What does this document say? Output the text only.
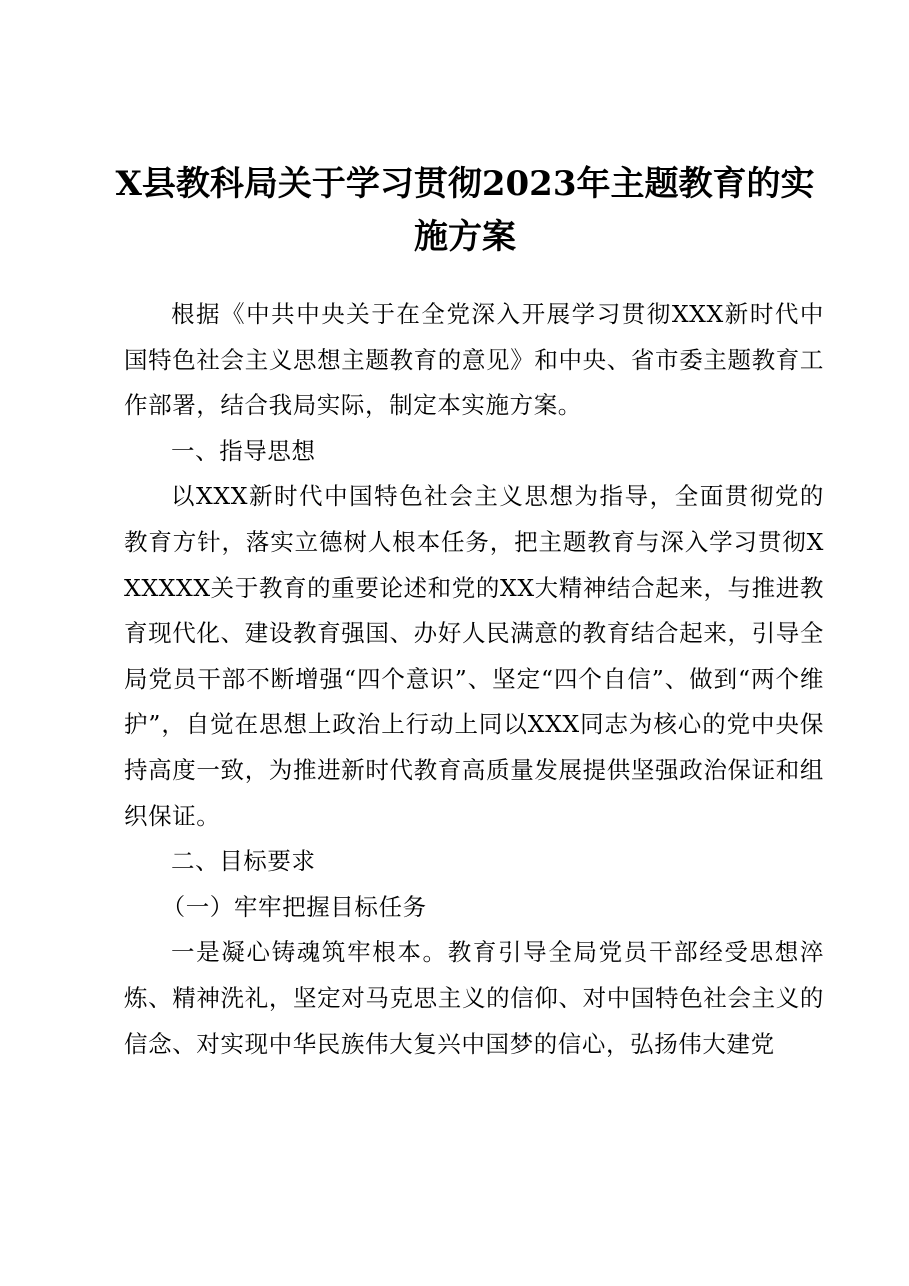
X县教科局关于学习贯彻2023年主题教育的实施方案

根据《中共中央关于在全党深入开展学习贯彻XXX新时代中国特色社会主义思想主题教育的意见》和中央、省市委主题教育工作部署，结合我局实际，制定本实施方案。

一、指导思想

以XXX新时代中国特色社会主义思想为指导，全面贯彻党的教育方针，落实立德树人根本任务，把主题教育与深入学习贯彻XXXXXX关于教育的重要论述和党的XX大精神结合起来，与推进教育现代化、建设教育强国、办好人民满意的教育结合起来，引导全局党员干部不断增强“四个意识”、坚定“四个自信”、做到“两个维护”，自觉在思想上政治上行动上同以XXX同志为核心的党中央保持高度一致，为推进新时代教育高质量发展提供坚强政治保证和组织保证。

二、目标要求

（一）牢牢把握目标任务

一是凝心铸魂筑牢根本。教育引导全局党员干部经受思想淬炼、精神洗礼，坚定对马克思主义的信仰、对中国特色社会主义的信念、对实现中华民族伟大复兴中国梦的信心，弘扬伟大建党
